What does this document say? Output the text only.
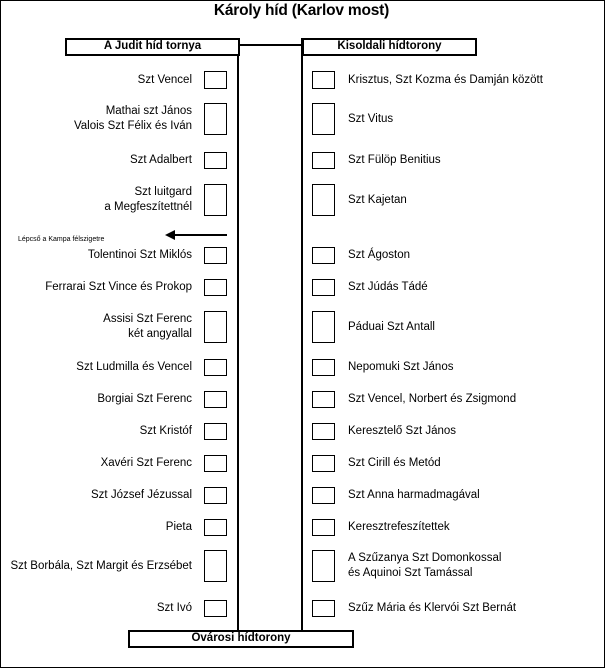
Károly híd (Karlov most)
A Judit híd tornya	Kisoldali hídtorony
Óvárosi hídtorony
Lépcső a Kampa félszigetre
Szt Vencel
Mathai szt János
Valois Szt Félix és Iván
Szt Adalbert
Szt luitgard
a Megfeszítettnél
Tolentinoi Szt Miklós
Ferrarai Szt Vince és Prokop
Assisi Szt Ferenc
két angyallal
Szt Ludmilla és Vencel
Borgiai Szt Ferenc
Szt Kristóf
Xavéri Szt Ferenc
Szt József Jézussal
Pieta
Szt Borbála, Szt Margit és Erzsébet
Szt Ivó
Krisztus, Szt Kozma és Damján között
Szt Vitus
Szt Fülöp Benitius
Szt Kajetan
Szt Ágoston
Szt Júdás Tádé
Páduai Szt Antall
Nepomuki Szt János
Szt Vencel, Norbert és Zsigmond
Keresztelő Szt János
Szt Cirill és Metód
Szt Anna harmadmagával
Keresztrefeszítettek
A Szűzanya Szt Domonkossal
és Aquinoi Szt Tamással
Szűz Mária és Klervói Szt Bernát
